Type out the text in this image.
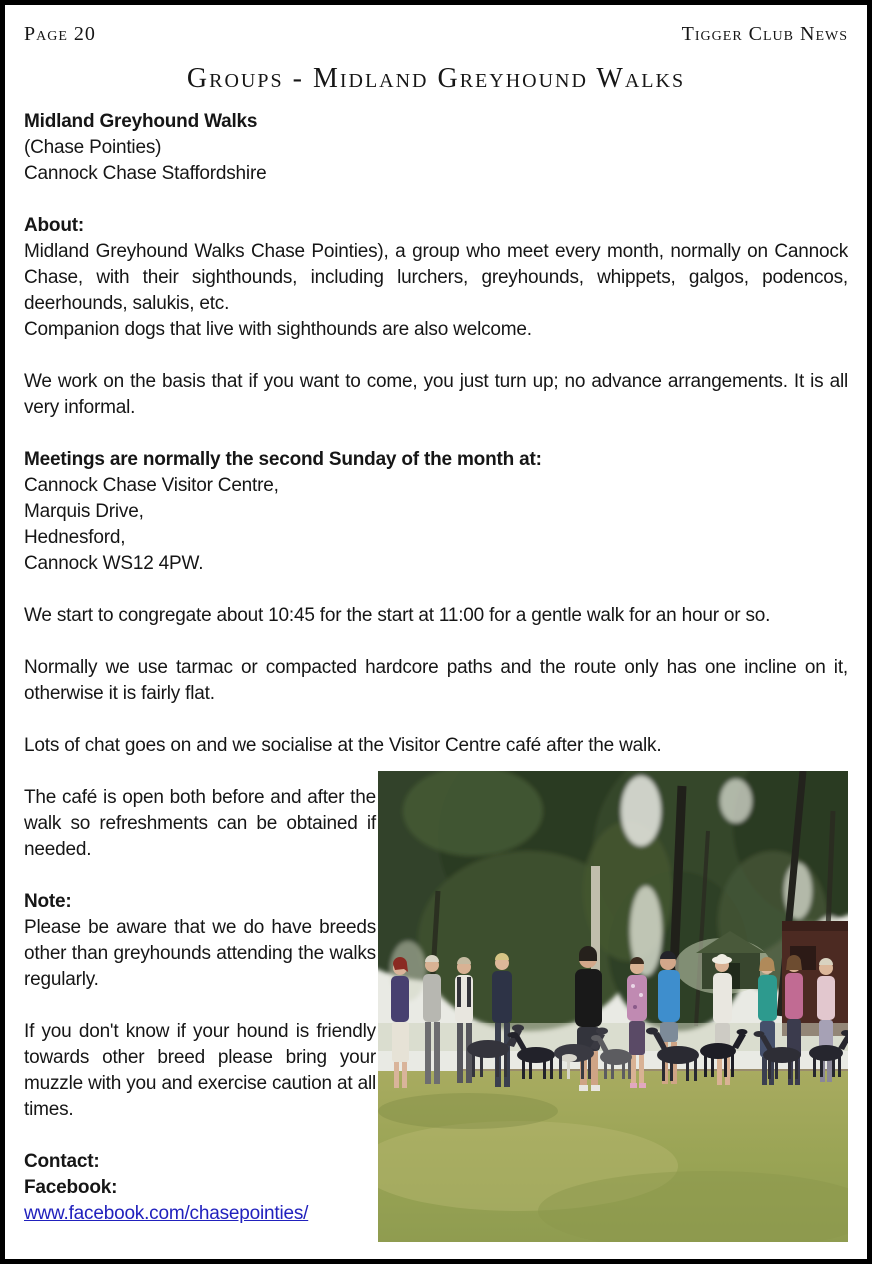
Page 20	Tigger Club News
Groups - Midland Greyhound Walks
Midland Greyhound Walks
(Chase Pointies)
Cannock Chase Staffordshire
About:
Midland Greyhound Walks Chase Pointies), a group who meet every month, normally on Cannock Chase, with their sighthounds, including lurchers, greyhounds, whippets, galgos, podencos, deerhounds, salukis, etc.
Companion dogs that live with sighthounds are also welcome.
We work on the basis that if you want to come, you just turn up; no advance arrangements. It is all very informal.
Meetings are normally the second Sunday of the month at:
Cannock Chase Visitor Centre,
Marquis Drive,
Hednesford,
Cannock WS12 4PW.
We start to congregate about 10:45 for the start at 11:00 for a gentle walk for an hour or so.
Normally we use tarmac or compacted hardcore paths and the route only has one incline on it, otherwise it is fairly flat.
Lots of chat goes on and we socialise at the Visitor Centre café after the walk.
The café is open both before and after the walk so refreshments can be obtained if needed.
Note:
Please be aware that we do have breeds other than greyhounds attending the walks regularly.
If you don't know if your hound is friendly towards other breed please bring your muzzle with you and exercise caution at all times.
Contact:
Facebook:
www.facebook.com/chasepointies/
